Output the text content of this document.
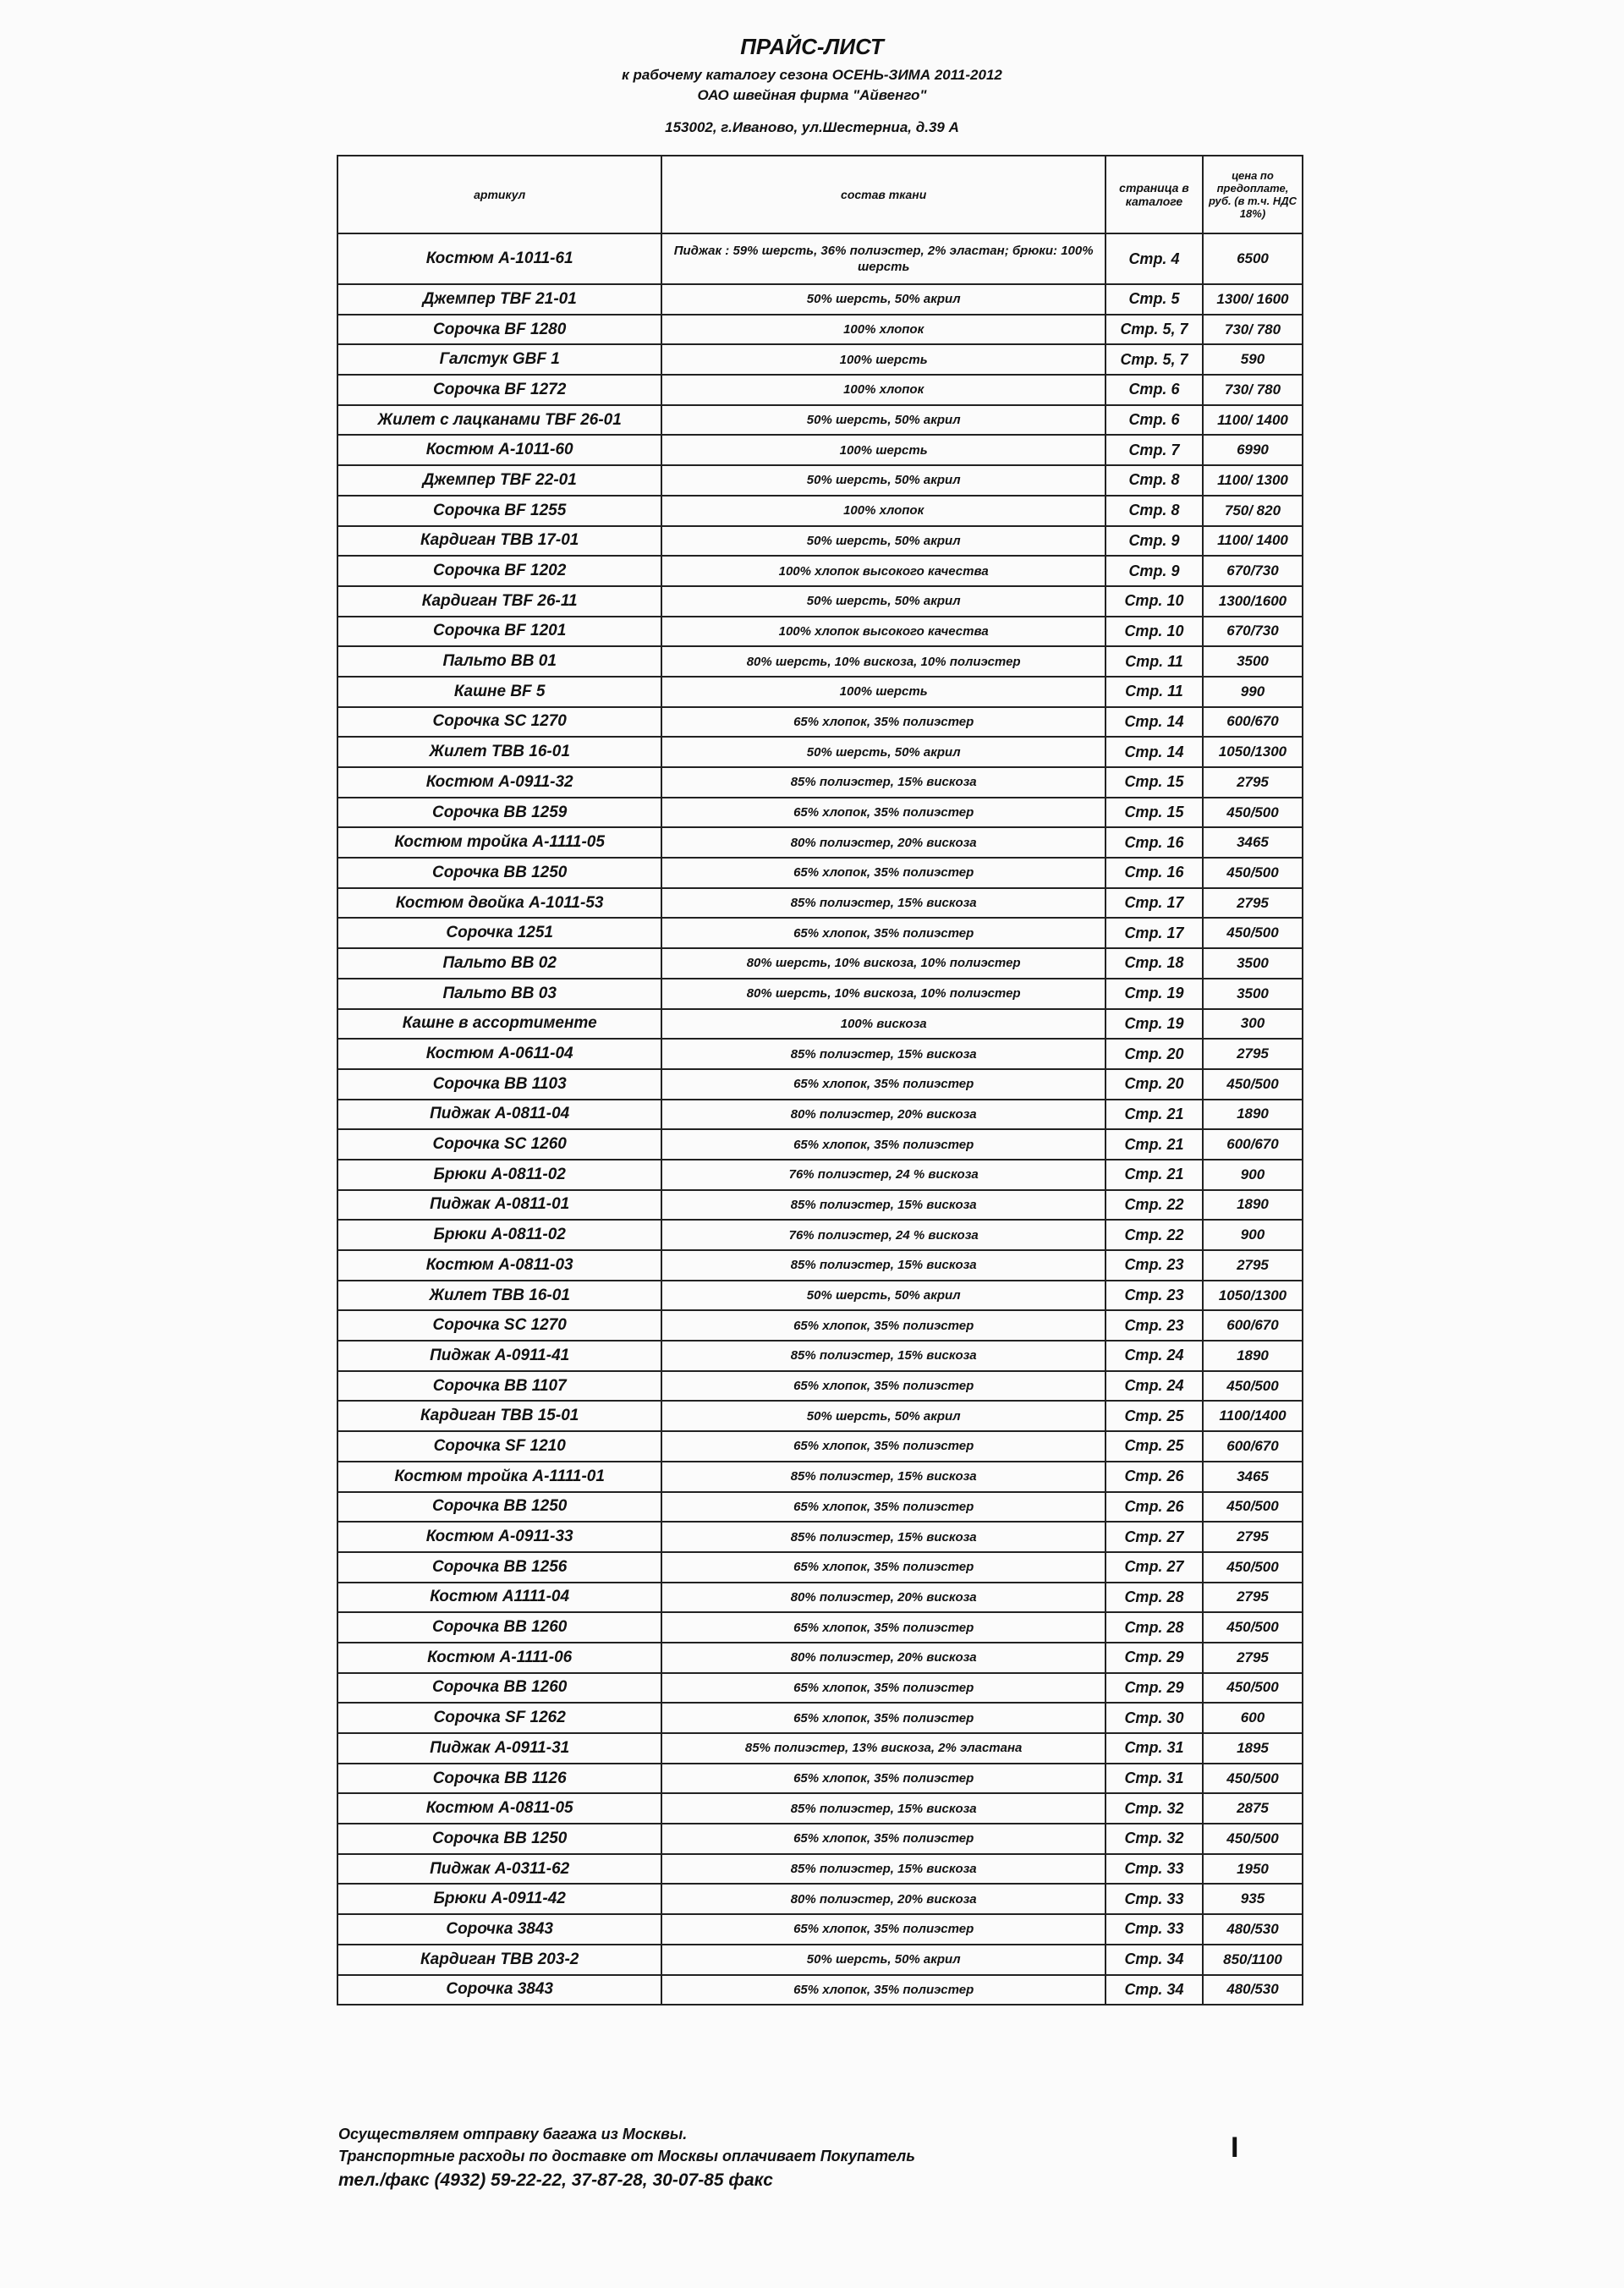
ПРАЙС-ЛИСТ
к рабочему каталогу сезона ОСЕНЬ-ЗИМА 2011-2012
ОАО швейная фирма "Айвенго"
153002, г.Иваново, ул.Шестерниа, д.39 А
артикул	состав ткани	страница в каталоге	цена по предоплате, руб. (в т.ч. НДС 18%)
Костюм А-1011-61	Пиджак : 59% шерсть, 36% полиэстер, 2% эластан; брюки: 100% шерсть	Стр. 4	6500
Джемпер TBF 21-01	50% шерсть, 50% акрил	Стр. 5	1300/ 1600
Сорочка BF 1280	100% хлопок	Стр. 5, 7	730/ 780
Галстук GBF 1	100% шерсть	Стр. 5, 7	590
Сорочка BF 1272	100% хлопок	Стр. 6	730/ 780
Жилет с лацканами TBF 26-01	50% шерсть, 50% акрил	Стр. 6	1100/ 1400
Костюм А-1011-60	100% шерсть	Стр. 7	6990
Джемпер TBF 22-01	50% шерсть, 50% акрил	Стр. 8	1100/ 1300
Сорочка BF 1255	100% хлопок	Стр. 8	750/ 820
Кардиган TBB 17-01	50% шерсть, 50% акрил	Стр. 9	1100/ 1400
Сорочка BF 1202	100% хлопок высокого качества	Стр. 9	670/730
Кардиган TBF 26-11	50% шерсть, 50% акрил	Стр. 10	1300/1600
Сорочка BF 1201	100% хлопок высокого качества	Стр. 10	670/730
Пальто BB 01	80% шерсть, 10% вискоза, 10% полиэстер	Стр. 11	3500
Кашне BF 5	100% шерсть	Стр. 11	990
Сорочка SC 1270	65% хлопок, 35% полиэстер	Стр. 14	600/670
Жилет TBB 16-01	50% шерсть, 50% акрил	Стр. 14	1050/1300
Костюм А-0911-32	85% полиэстер, 15% вискоза	Стр. 15	2795
Сорочка BB 1259	65% хлопок, 35% полиэстер	Стр. 15	450/500
Костюм тройка А-1111-05	80% полиэстер, 20% вискоза	Стр. 16	3465
Сорочка BB 1250	65% хлопок, 35% полиэстер	Стр. 16	450/500
Костюм двойка А-1011-53	85% полиэстер, 15% вискоза	Стр. 17	2795
Сорочка 1251	65% хлопок, 35% полиэстер	Стр. 17	450/500
Пальто BB 02	80% шерсть, 10% вискоза, 10% полиэстер	Стр. 18	3500
Пальто BB 03	80% шерсть, 10% вискоза, 10% полиэстер	Стр. 19	3500
Кашне в ассортименте	100% вискоза	Стр. 19	300
Костюм А-0611-04	85% полиэстер, 15% вискоза	Стр. 20	2795
Сорочка BB 1103	65% хлопок, 35% полиэстер	Стр. 20	450/500
Пиджак А-0811-04	80% полиэстер, 20% вискоза	Стр. 21	1890
Сорочка SC 1260	65% хлопок, 35% полиэстер	Стр. 21	600/670
Брюки А-0811-02	76% полиэстер, 24 % вискоза	Стр. 21	900
Пиджак А-0811-01	85% полиэстер, 15% вискоза	Стр. 22	1890
Брюки А-0811-02	76% полиэстер, 24 % вискоза	Стр. 22	900
Костюм А-0811-03	85% полиэстер, 15% вискоза	Стр. 23	2795
Жилет TBB 16-01	50% шерсть, 50% акрил	Стр. 23	1050/1300
Сорочка SC 1270	65% хлопок, 35% полиэстер	Стр. 23	600/670
Пиджак А-0911-41	85% полиэстер, 15% вискоза	Стр. 24	1890
Сорочка BB 1107	65% хлопок, 35% полиэстер	Стр. 24	450/500
Кардиган TBB 15-01	50% шерсть, 50% акрил	Стр. 25	1100/1400
Сорочка SF 1210	65% хлопок, 35% полиэстер	Стр. 25	600/670
Костюм тройка А-1111-01	85% полиэстер, 15% вискоза	Стр. 26	3465
Сорочка BB 1250	65% хлопок, 35% полиэстер	Стр. 26	450/500
Костюм А-0911-33	85% полиэстер, 15% вискоза	Стр. 27	2795
Сорочка BB 1256	65% хлопок, 35% полиэстер	Стр. 27	450/500
Костюм А1111-04	80% полиэстер, 20% вискоза	Стр. 28	2795
Сорочка BB 1260	65% хлопок, 35% полиэстер	Стр. 28	450/500
Костюм А-1111-06	80% полиэстер, 20% вискоза	Стр. 29	2795
Сорочка BB 1260	65% хлопок, 35% полиэстер	Стр. 29	450/500
Сорочка SF 1262	65% хлопок, 35% полиэстер	Стр. 30	600
Пиджак А-0911-31	85% полиэстер, 13% вискоза, 2% эластана	Стр. 31	1895
Сорочка BB 1126	65% хлопок, 35% полиэстер	Стр. 31	450/500
Костюм А-0811-05	85% полиэстер, 15% вискоза	Стр. 32	2875
Сорочка BB 1250	65% хлопок, 35% полиэстер	Стр. 32	450/500
Пиджак А-0311-62	85% полиэстер, 15% вискоза	Стр. 33	1950
Брюки А-0911-42	80% полиэстер, 20% вискоза	Стр. 33	935
Сорочка 3843	65% хлопок, 35% полиэстер	Стр. 33	480/530
Кардиган TBB 203-2	50% шерсть, 50% акрил	Стр. 34	850/1100
Сорочка 3843	65% хлопок, 35% полиэстер	Стр. 34	480/530
Осуществляем отправку багажа из Москвы.
Транспортные расходы по доставке от Москвы оплачивает Покупатель
тел./факс (4932) 59-22-22, 37-87-28, 30-07-85 факс
I
